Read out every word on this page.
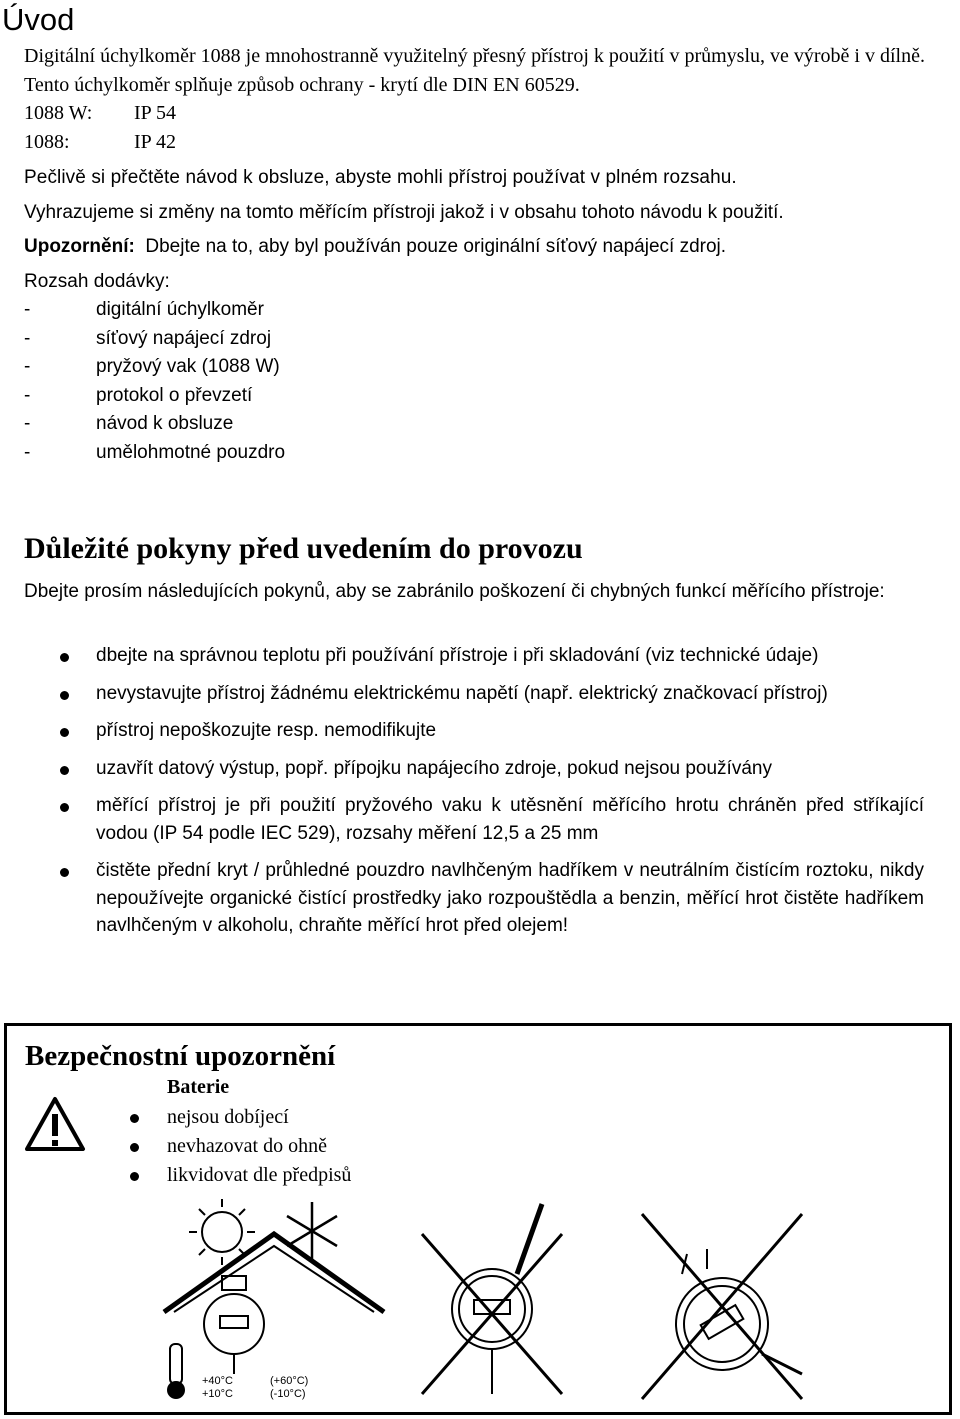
Úvod

Digitální úchylkoměr 1088 je mnohostranně využitelný přesný přístroj k použití v průmyslu, ve výrobě i v dílně. Tento úchylkoměr splňuje způsob ochrany - krytí dle DIN EN 60529.

1088 W: IP 54

1088:	IP 42

Pečlivě si přečtěte návod k obsluze, abyste mohli přístroj používat v plném rozsahu.

Vyhrazujeme si změny na tomto měřícím přístroji jakož i v obsahu tohoto návodu k použití.

Upozornění: Dbejte na to, aby byl používán pouze originální síťový napájecí zdroj.

Rozsah dodávky:

-	digitální úchylkoměr
-	síťový napájecí zdroj
-	pryžový vak (1088 W)
-	protokol o převzetí
-	návod k obsluze
-	umělohmotné pouzdro
Důležité pokyny před uvedením do provozu

Dbejte prosím následujících pokynů, aby se zabránilo poškození či chybných funkcí měřícího přístroje:

dbejte na správnou teplotu při používání přístroje i při skladování (viz technické údaje)
nevystavujte přístroj žádnému elektrickému napětí (např. elektrický značkovací přístroj)
přístroj nepoškozujte resp. nemodifikujte
uzavřít datový výstup, popř. přípojku napájecího zdroje, pokud nejsou používány
měřící přístroj je při použití pryžového vaku k utěsnění měřícího hrotu chráněn před stříkající vodou (IP 54 podle IEC 529), rozsahy měření 12,5 a 25 mm
čistěte přední kryt / průhledné pouzdro navlhčeným hadříkem v neutrálním čistícím roztoku, nikdy nepoužívejte organické čistící prostředky jako rozpouštědla a benzin, měřící hrot čistěte hadříkem navlhčeným v alkoholu, chraňte měřící hrot před olejem!
Bezpečnostní upozornění
Baterie
nejsou dobíjecí
nevhazovat do ohně
likvidovat dle předpisů
+40°C
+10°C
(+60°C)
(-10°C)
